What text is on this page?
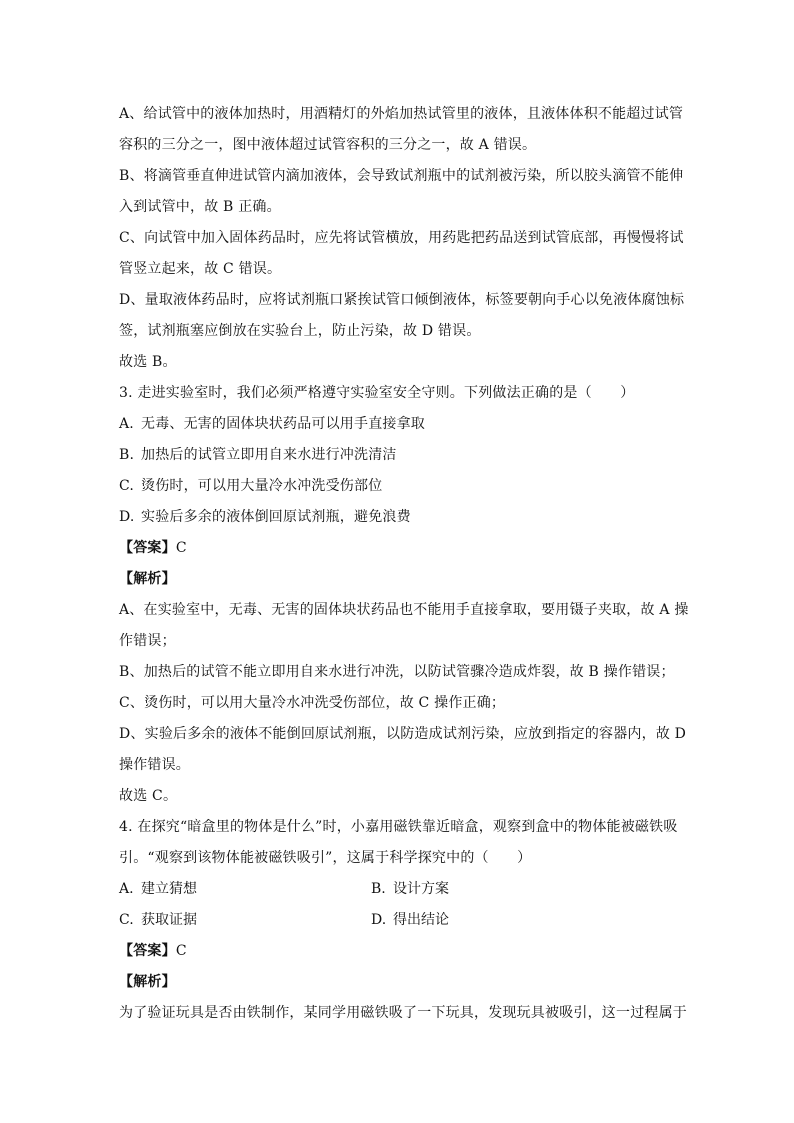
A、给试管中的液体加热时，用酒精灯的外焰加热试管里的液体，且液体体积不能超过试管
容积的三分之一，图中液体超过试管容积的三分之一，故 A 错误。
B、将滴管垂直伸进试管内滴加液体，会导致试剂瓶中的试剂被污染，所以胶头滴管不能伸
入到试管中，故 B 正确。
C、向试管中加入固体药品时，应先将试管横放，用药匙把药品送到试管底部，再慢慢将试
管竖立起来，故 C 错误。
D、量取液体药品时，应将试剂瓶口紧挨试管口倾倒液体，标签要朝向手心以免液体腐蚀标
签，试剂瓶塞应倒放在实验台上，防止污染，故 D 错误。
故选 B。
3. 走进实验室时，我们必须严格遵守实验室安全守则。下列做法正确的是（　　）
A. 无毒、无害的固体块状药品可以用手直接拿取
B. 加热后的试管立即用自来水进行冲洗清洁
C. 烫伤时，可以用大量冷水冲洗受伤部位
D. 实验后多余的液体倒回原试剂瓶，避免浪费
【答案】C
【解析】
A、在实验室中，无毒、无害的固体块状药品也不能用手直接拿取，要用镊子夹取，故 A 操
作错误；
B、加热后的试管不能立即用自来水进行冲洗，以防试管骤冷造成炸裂，故 B 操作错误；
C、烫伤时，可以用大量冷水冲洗受伤部位，故 C 操作正确；
D、实验后多余的液体不能倒回原试剂瓶，以防造成试剂污染，应放到指定的容器内，故 D
操作错误。
故选 C。
4. 在探究“暗盒里的物体是什么”时，小嘉用磁铁靠近暗盒，观察到盒中的物体能被磁铁吸
引。“观察到该物体能被磁铁吸引”，这属于科学探究中的（　　）
A. 建立猜想	B. 设计方案
C. 获取证据	D. 得出结论
【答案】C
【解析】
为了验证玩具是否由铁制作，某同学用磁铁吸了一下玩具，发现玩具被吸引，这一过程属于
